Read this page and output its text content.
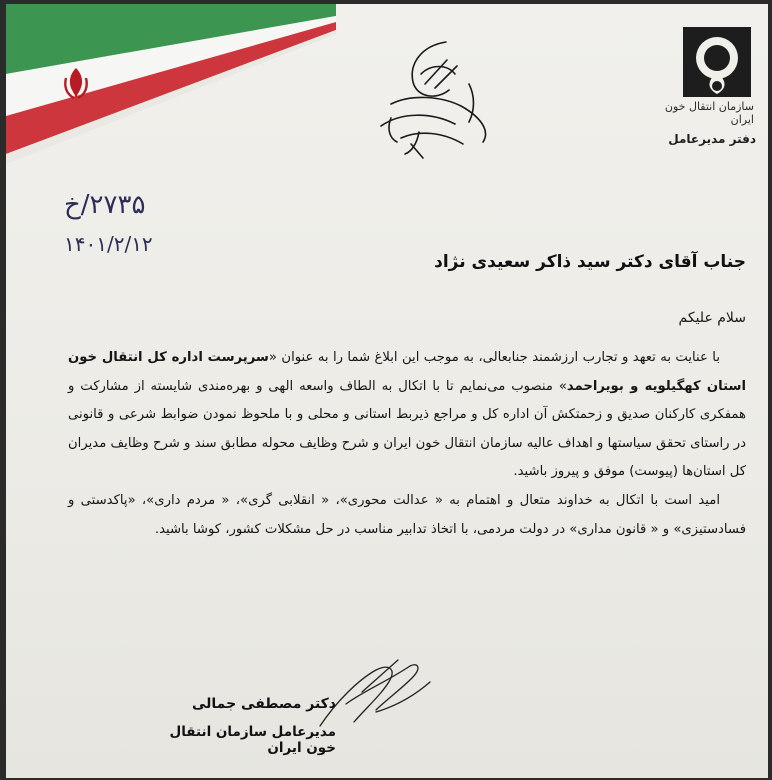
سازمان انتقال خون ایران
دفتر مدیرعامل
۲۷۳۵/خ
۱۴۰۱/۲/۱۲
جناب آقای دکتر سید ذاکر سعیدی نژاد
سلام علیکم

با عنایت به تعهد و تجارب ارزشمند جنابعالی، به موجب این ابلاغ شما را به عنوان «سرپرست اداره کل انتقال خون استان کهگیلویه و بویراحمد» منصوب می‌نمایم تا با اتکال به الطاف واسعه الهی و بهره‌مندی شایسته از مشارکت و همفکری کارکنان صدیق و زحمتکش آن اداره کل و مراجع ذیربط استانی و محلی و با ملحوظ نمودن ضوابط شرعی و قانونی در راستای تحقق سیاستها و اهداف عالیه سازمان انتقال خون ایران و شرح وظایف محوله مطابق سند و شرح وظایف مدیران کل استان‌ها (پیوست) موفق و پیروز باشید.

امید است با اتکال به خداوند متعال و اهتمام به « عدالت محوری»، « انقلابی گری»، « مردم داری»، «پاکدستی و فسادستیزی» و « قانون مداری» در دولت مردمی، با اتخاذ تدابیر مناسب در حل مشکلات کشور، کوشا باشید.

دکتر مصطفی جمالی
مدیرعامل سازمان انتقال خون ایران
